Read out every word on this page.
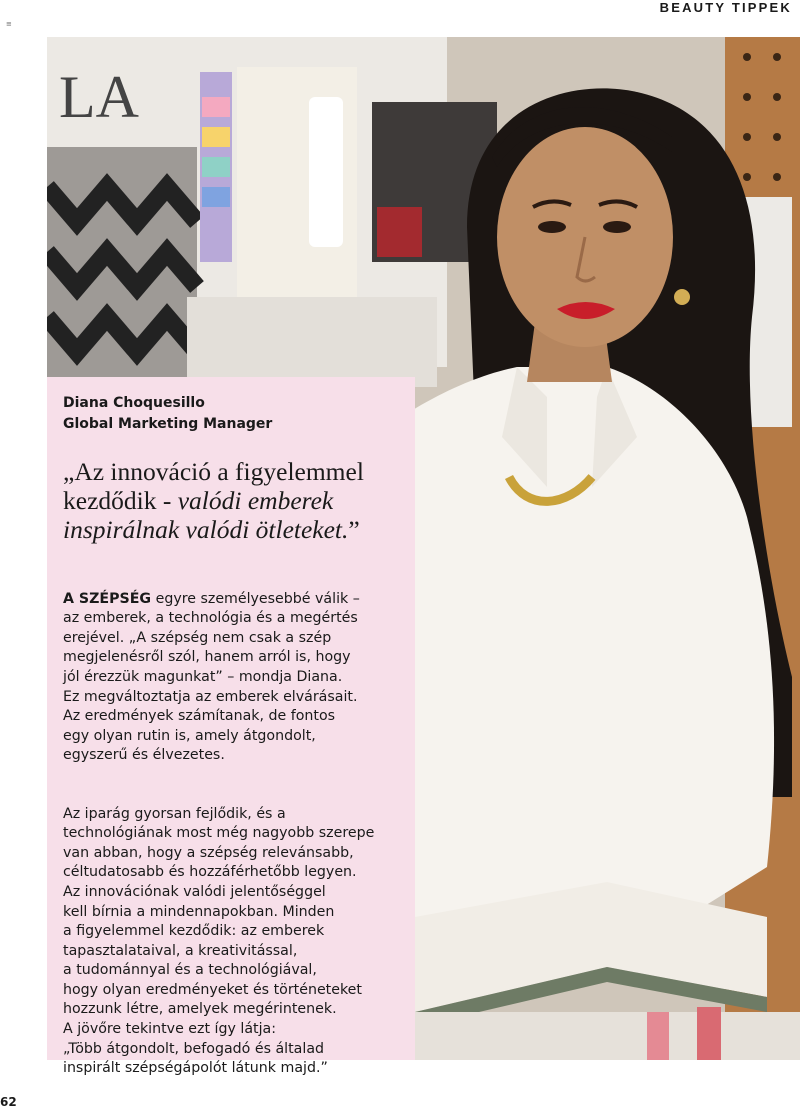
≡
BEAUTY TIPPEK
LA
Diana Choquesillo
Global Marketing Manager
„Az innováció a figyelemmel kezdődik - valódi emberek inspirálnak valódi ötleteket.”

A SZÉPSÉG egyre személyesebbé válik –
az emberek, a technológia és a megértés
erejével. „A szépség nem csak a szép
megjelenésről szól, hanem arról is, hogy
jól érezzük magunkat” – mondja Diana.
Ez megváltoztatja az emberek elvárásait.
Az eredmények számítanak, de fontos
egy olyan rutin is, amely átgondolt,
egyszerű és élvezetes.

Az iparág gyorsan fejlődik, és a
technológiának most még nagyobb szerepe
van abban, hogy a szépség relevánsabb,
céltudatosabb és hozzáférhetőbb legyen.
Az innovációnak valódi jelentőséggel
kell bírnia a mindennapokban. Minden
a figyelemmel kezdődik: az emberek
tapasztalataival, a kreativitással,
a tudománnyal és a technológiával,
hogy olyan eredményeket és történeteket
hozzunk létre, amelyek megérintenek.
A jövőre tekintve ezt így látja:
„Több átgondolt, befogadó és általad
inspirált szépségápolót látunk majd.”

62
